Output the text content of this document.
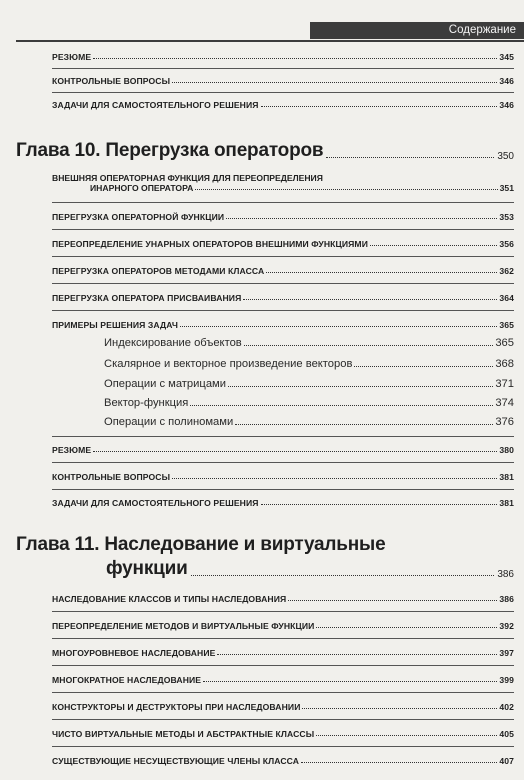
Содержание
РЕЗЮМЕ	345
КОНТРОЛЬНЫЕ ВОПРОСЫ	346
ЗАДАЧИ ДЛЯ САМОСТОЯТЕЛЬНОГО РЕШЕНИЯ	346
Глава 10. Перегрузка операторов	350
ВНЕШНЯЯ ОПЕРАТОРНАЯ ФУНКЦИЯ ДЛЯ ПЕРЕОПРЕДЕЛЕНИЯ
ИНАРНОГО ОПЕРАТОРА	351
ПЕРЕГРУЗКА ОПЕРАТОРНОЙ ФУНКЦИИ	353
ПЕРЕОПРЕДЕЛЕНИЕ УНАРНЫХ ОПЕРАТОРОВ ВНЕШНИМИ ФУНКЦИЯМИ	356
ПЕРЕГРУЗКА ОПЕРАТОРОВ МЕТОДАМИ КЛАССА	362
ПЕРЕГРУЗКА ОПЕРАТОРА ПРИСВАИВАНИЯ	364
ПРИМЕРЫ РЕШЕНИЯ ЗАДАЧ	365
Индексирование объектов	365
Скалярное и векторное произведение векторов	368
Операции с матрицами	371
Вектор-функция	374
Операции с полиномами	376
РЕЗЮМЕ	380
КОНТРОЛЬНЫЕ ВОПРОСЫ	381
ЗАДАЧИ ДЛЯ САМОСТОЯТЕЛЬНОГО РЕШЕНИЯ	381
Глава 11. Наследование и виртуальные
функции	386
НАСЛЕДОВАНИЕ КЛАССОВ И ТИПЫ НАСЛЕДОВАНИЯ	386
ПЕРЕОПРЕДЕЛЕНИЕ МЕТОДОВ И ВИРТУАЛЬНЫЕ ФУНКЦИИ	392
МНОГОУРОВНЕВОЕ НАСЛЕДОВАНИЕ	397
МНОГОКРАТНОЕ НАСЛЕДОВАНИЕ	399
КОНСТРУКТОРЫ И ДЕСТРУКТОРЫ ПРИ НАСЛЕДОВАНИИ	402
ЧИСТО ВИРТУАЛЬНЫЕ МЕТОДЫ И АБСТРАКТНЫЕ КЛАССЫ	405
СУЩЕСТВУЮЩИЕ НЕСУЩЕСТВУЮЩИЕ ЧЛЕНЫ КЛАССА	407
